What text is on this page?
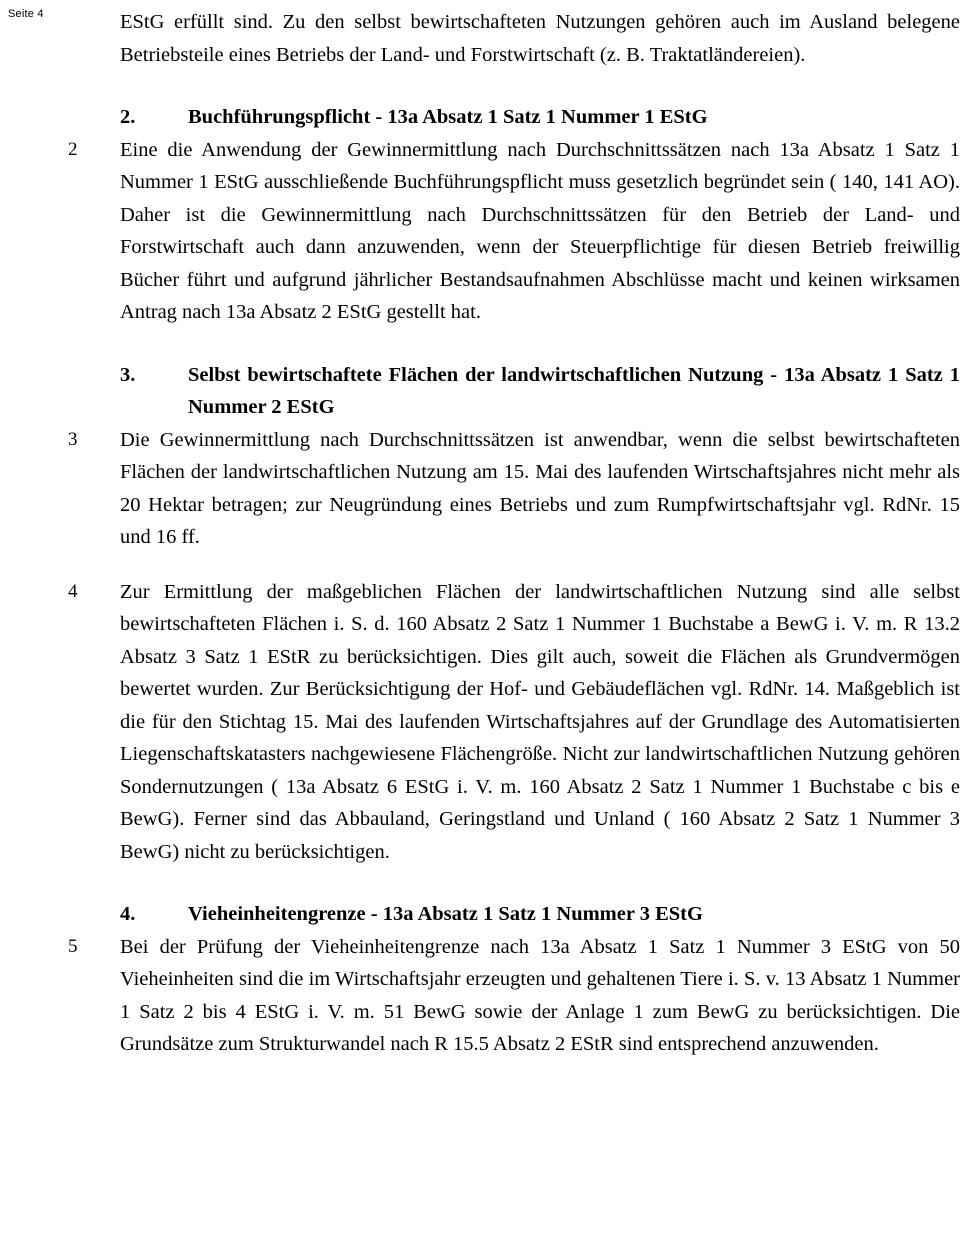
Seite 4	EStG erfüllt sind. Zu den selbst bewirtschafteten Nutzungen gehören auch im Ausland belegene Betriebsteile eines Betriebs der Land- und Forstwirtschaft (z. B. Traktatländereien).

2.	Buchführungspflicht - 13a Absatz 1 Satz 1 Nummer 1 EStG
2 Eine die Anwendung der Gewinnermittlung nach Durchschnittssätzen nach 13a Absatz 1 Satz 1 Nummer 1 EStG ausschließende Buchführungspflicht muss gesetzlich begründet sein ( 140, 141 AO). Daher ist die Gewinnermittlung nach Durchschnittssätzen für den Betrieb der Land- und Forstwirtschaft auch dann anzuwenden, wenn der Steuerpflichtige für diesen Betrieb freiwillig Bücher führt und aufgrund jährlicher Bestandsaufnahmen Abschlüsse macht und keinen wirksamen Antrag nach 13a Absatz 2 EStG gestellt hat.

3.	Selbst bewirtschaftete Flächen der landwirtschaftlichen Nutzung - 13a Absatz 1 Satz 1 Nummer 2 EStG
3 Die Gewinnermittlung nach Durchschnittssätzen ist anwendbar, wenn die selbst bewirtschafteten Flächen der landwirtschaftlichen Nutzung am 15. Mai des laufenden Wirtschaftsjahres nicht mehr als 20 Hektar betragen; zur Neugründung eines Betriebs und zum Rumpfwirtschaftsjahr vgl. RdNr. 15 und 16 ff.

4 Zur Ermittlung der maßgeblichen Flächen der landwirtschaftlichen Nutzung sind alle selbst bewirtschafteten Flächen i. S. d. 160 Absatz 2 Satz 1 Nummer 1 Buchstabe a BewG i. V. m. R 13.2 Absatz 3 Satz 1 EStR zu berücksichtigen. Dies gilt auch, soweit die Flächen als Grundvermögen bewertet wurden. Zur Berücksichtigung der Hof- und Gebäudeflächen vgl. RdNr. 14. Maßgeblich ist die für den Stichtag 15. Mai des laufenden Wirtschaftsjahres auf der Grundlage des Automatisierten Liegenschaftskatasters nachgewiesene Flächengröße. Nicht zur landwirtschaftlichen Nutzung gehören Sondernutzungen ( 13a Absatz 6 EStG i. V. m. 160 Absatz 2 Satz 1 Nummer 1 Buchstabe c bis e BewG). Ferner sind das Abbauland, Geringstland und Unland ( 160 Absatz 2 Satz 1 Nummer 3 BewG) nicht zu berücksichtigen.

4.	Vieheinheitengrenze - 13a Absatz 1 Satz 1 Nummer 3 EStG
5 Bei der Prüfung der Vieheinheitengrenze nach 13a Absatz 1 Satz 1 Nummer 3 EStG von 50 Vieheinheiten sind die im Wirtschaftsjahr erzeugten und gehaltenen Tiere i. S. v. 13 Absatz 1 Nummer 1 Satz 2 bis 4 EStG i. V. m. 51 BewG sowie der Anlage 1 zum BewG zu berücksichtigen. Die Grundsätze zum Strukturwandel nach R 15.5 Absatz 2 EStR sind entsprechend anzuwenden.
